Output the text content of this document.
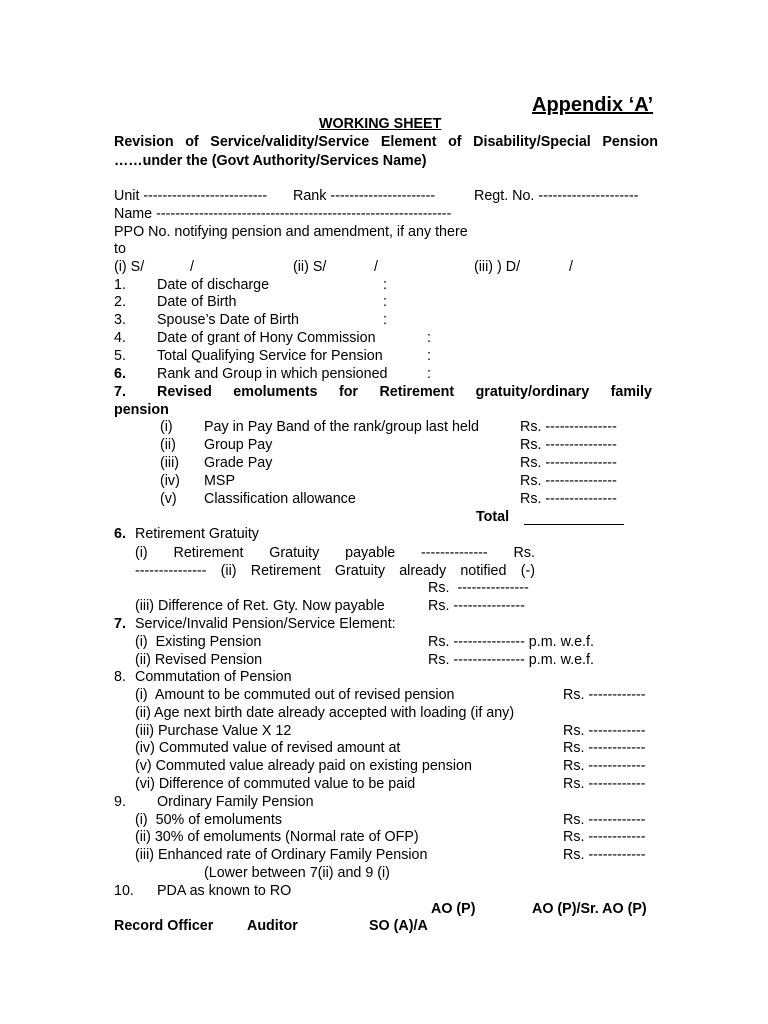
Appendix ‘A’
WORKING SHEET
Revision of Service/validity/Service Element of Disability/Special Pension
……under the (Govt Authority/Services Name)
Unit -------------------------- Rank ----------------------	Regt. No. ---------------------
Name --------------------------------------------------------------
PPO No. notifying pension and amendment, if any there
to
(i) S/	/	(ii) S/	/	(iii) ) D/	/
1. Date of discharge	:
2. Date of Birth	:
3. Spouse’s Date of Birth	:
4. Date of grant of Hony Commission	:
5. Total Qualifying Service for Pension	:
6. Rank and Group in which pensioned	:
7. Revised emoluments for Retirement gratuity/ordinary family
pension
(i) Pay in Pay Band of the rank/group last held	Rs. ---------------
(ii) Group Pay	Rs. ---------------
(iii) Grade Pay	Rs. ---------------
(iv) MSP	Rs. ---------------
(v) Classification allowance	Rs. ---------------
Total
6. Retirement Gratuity
(i) Retirement Gratuity payable -------------- Rs.
--------------- (ii) Retirement Gratuity already notified (-)
Rs.  ---------------
(iii) Difference of Ret. Gty. Now payable	Rs. ---------------
7. Service/Invalid Pension/Service Element:
(i)  Existing Pension	Rs. --------------- p.m. w.e.f.
(ii) Revised Pension	Rs. --------------- p.m. w.e.f.
8. Commutation of Pension
(i)  Amount to be commuted out of revised pension	Rs. ------------
(ii) Age next birth date already accepted with loading (if any)
(iii) Purchase Value X 12	Rs. ------------
(iv) Commuted value of revised amount at	Rs. ------------
(v) Commuted value already paid on existing pension	Rs. ------------
(vi) Difference of commuted value to be paid	Rs. ------------
9. Ordinary Family Pension
(i)  50% of emoluments	Rs. ------------
(ii) 30% of emoluments (Normal rate of OFP)	Rs. ------------
(iii) Enhanced rate of Ordinary Family Pension	Rs. ------------
(Lower between 7(ii) and 9 (i)
10. PDA as known to RO
AO (P)	AO (P)/Sr. AO (P)
Record Officer Auditor	SO (A)/A
